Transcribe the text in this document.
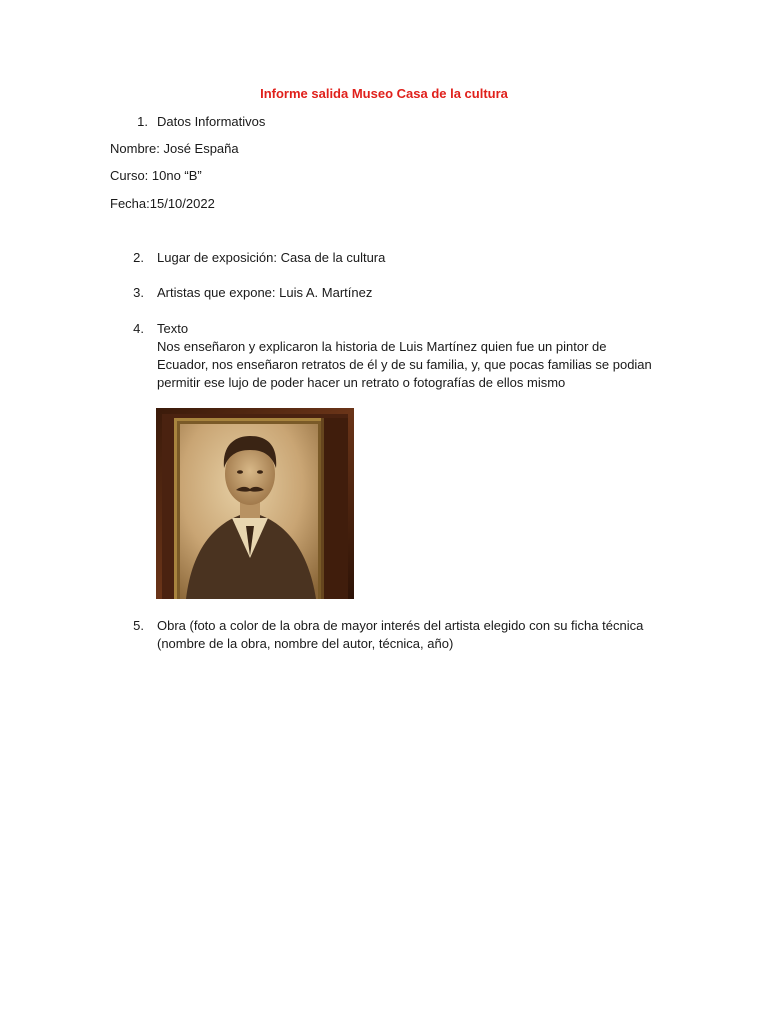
Informe salida Museo Casa de la cultura
1. Datos Informativos
Nombre: José España
Curso: 10no “B”
Fecha:15/10/2022
2. Lugar de exposición: Casa de la cultura
3. Artistas que expone: Luis A. Martínez
4. Texto
Nos enseñaron y explicaron la historia de Luis Martínez quien fue un pintor de
Ecuador, nos enseñaron retratos de él y de su familia, y, que pocas familias se podian
permitir ese lujo de poder hacer un retrato o fotografías de ellos mismo
5. Obra (foto a color de la obra de mayor interés del artista elegido con su ficha técnica
(nombre de la obra, nombre del autor, técnica, año)
